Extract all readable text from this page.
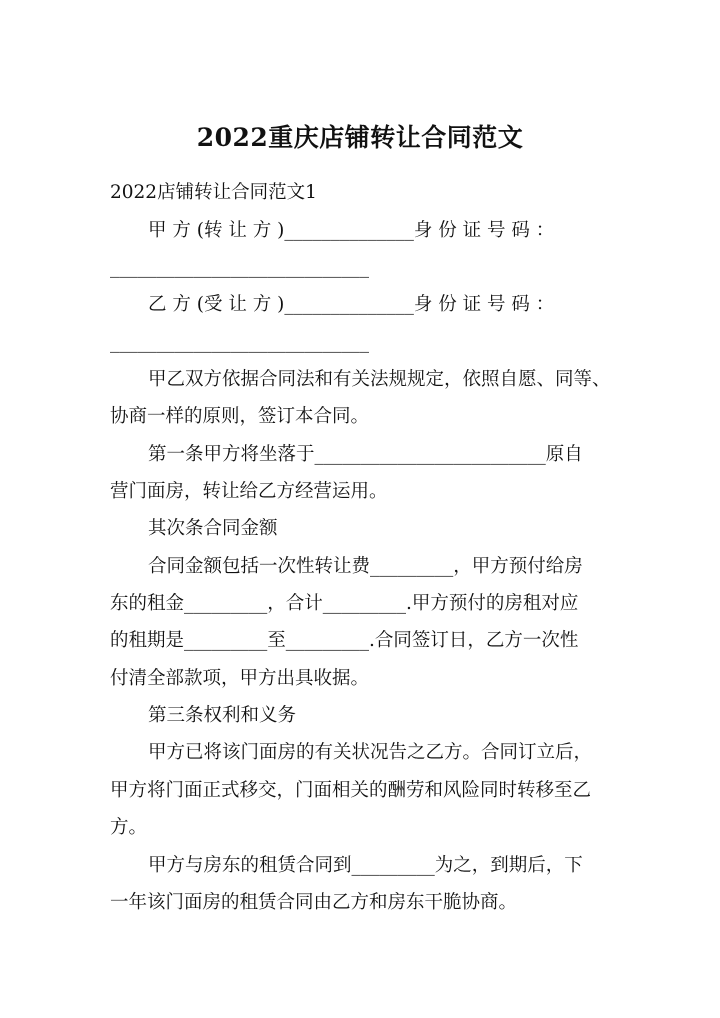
2022重庆店铺转让合同范文
2022店铺转让合同范文1
甲 方 (转 让 方 )______________身 份 证 号 码 ：
____________________________
乙 方 (受 让 方 )______________身 份 证 号 码 ：
____________________________
甲乙双方依据合同法和有关法规规定，依照自愿、同等、
协商一样的原则，签订本合同。
第一条甲方将坐落于_________________________原自
营门面房，转让给乙方经营运用。
其次条合同金额
合同金额包括一次性转让费_________，甲方预付给房
东的租金_________，合计_________.甲方预付的房租对应
的租期是_________至_________.合同签订日，乙方一次性
付清全部款项，甲方出具收据。
第三条权利和义务
甲方已将该门面房的有关状况告之乙方。合同订立后，
甲方将门面正式移交，门面相关的酬劳和风险同时转移至乙
方。
甲方与房东的租赁合同到_________为之，到期后，下
一年该门面房的租赁合同由乙方和房东干脆协商。
